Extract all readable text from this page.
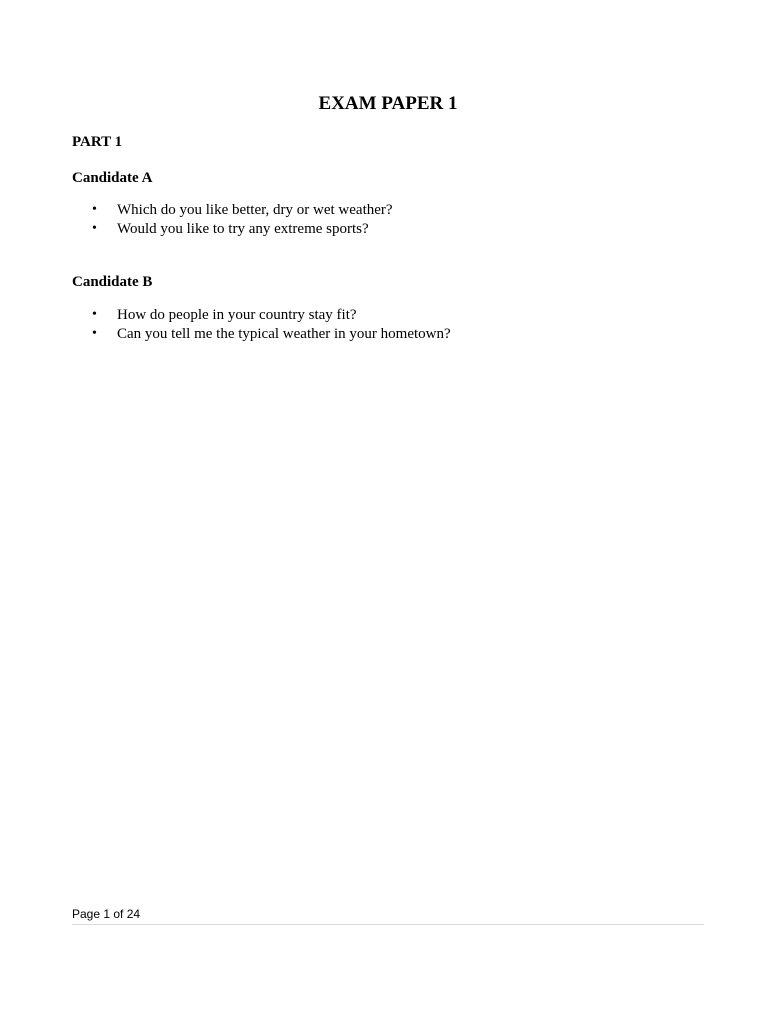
EXAM PAPER 1
PART 1
Candidate A
•	Which do you like better, dry or wet weather?
•	Would you like to try any extreme sports?
Candidate B
•	How do people in your country stay fit?
•	Can you tell me the typical weather in your hometown?
Page 1 of 24
